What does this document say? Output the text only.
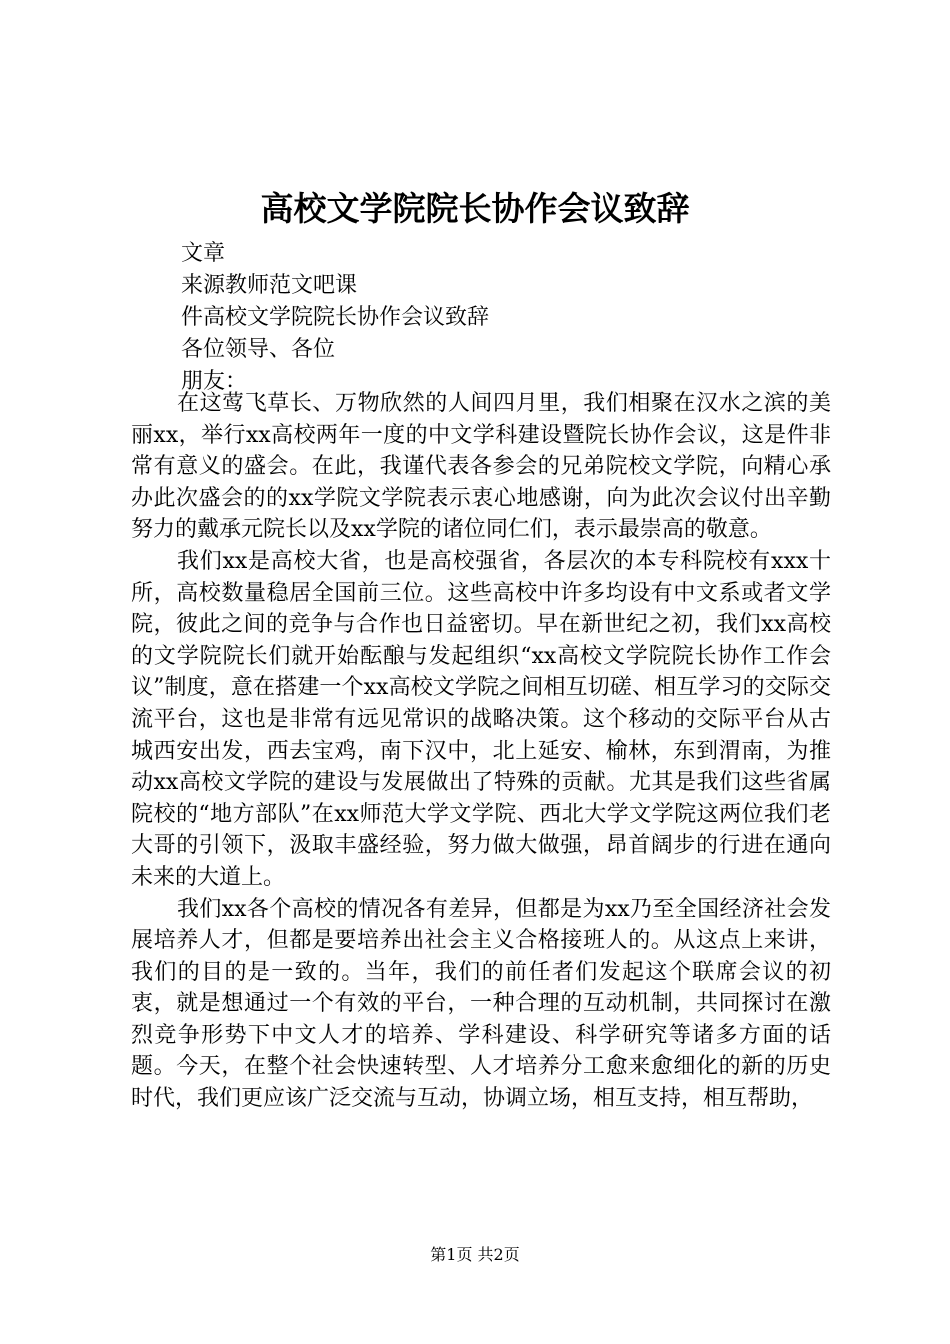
高校文学院院长协作会议致辞
文章
来源教师范文吧课
件高校文学院院长协作会议致辞
各位领导、各位
朋友：

在这莺飞草长、万物欣然的人间四月里，我们相聚在汉水之滨的美丽xx，举行xx高校两年一度的中文学科建设暨院长协作会议，这是件非常有意义的盛会。在此，我谨代表各参会的兄弟院校文学院，向精心承办此次盛会的的xx学院文学院表示衷心地感谢，向为此次会议付出辛勤努力的戴承元院长以及xx学院的诸位同仁们，表示最崇高的敬意。

我们xx是高校大省，也是高校强省，各层次的本专科院校有xxx十所，高校数量稳居全国前三位。这些高校中许多均设有中文系或者文学院，彼此之间的竞争与合作也日益密切。早在新世纪之初，我们xx高校的文学院院长们就开始酝酿与发起组织“xx高校文学院院长协作工作会议”制度，意在搭建一个xx高校文学院之间相互切磋、相互学习的交际交流平台，这也是非常有远见常识的战略决策。这个移动的交际平台从古城西安出发，西去宝鸡，南下汉中，北上延安、榆林，东到渭南，为推动xx高校文学院的建设与发展做出了特殊的贡献。尤其是我们这些省属院校的“地方部队”在xx师范大学文学院、西北大学文学院这两位我们老大哥的引领下，汲取丰盛经验，努力做大做强，昂首阔步的行进在通向未来的大道上。

我们xx各个高校的情况各有差异，但都是为xx乃至全国经济社会发展培养人才，但都是要培养出社会主义合格接班人的。从这点上来讲，我们的目的是一致的。当年，我们的前任者们发起这个联席会议的初衷，就是想通过一个有效的平台，一种合理的互动机制，共同探讨在激烈竞争形势下中文人才的培养、学科建设、科学研究等诸多方面的话题。今天，在整个社会快速转型、人才培养分工愈来愈细化的新的历史时代，我们更应该广泛交流与互动，协调立场，相互支持，相互帮助，

第1页 共2页
